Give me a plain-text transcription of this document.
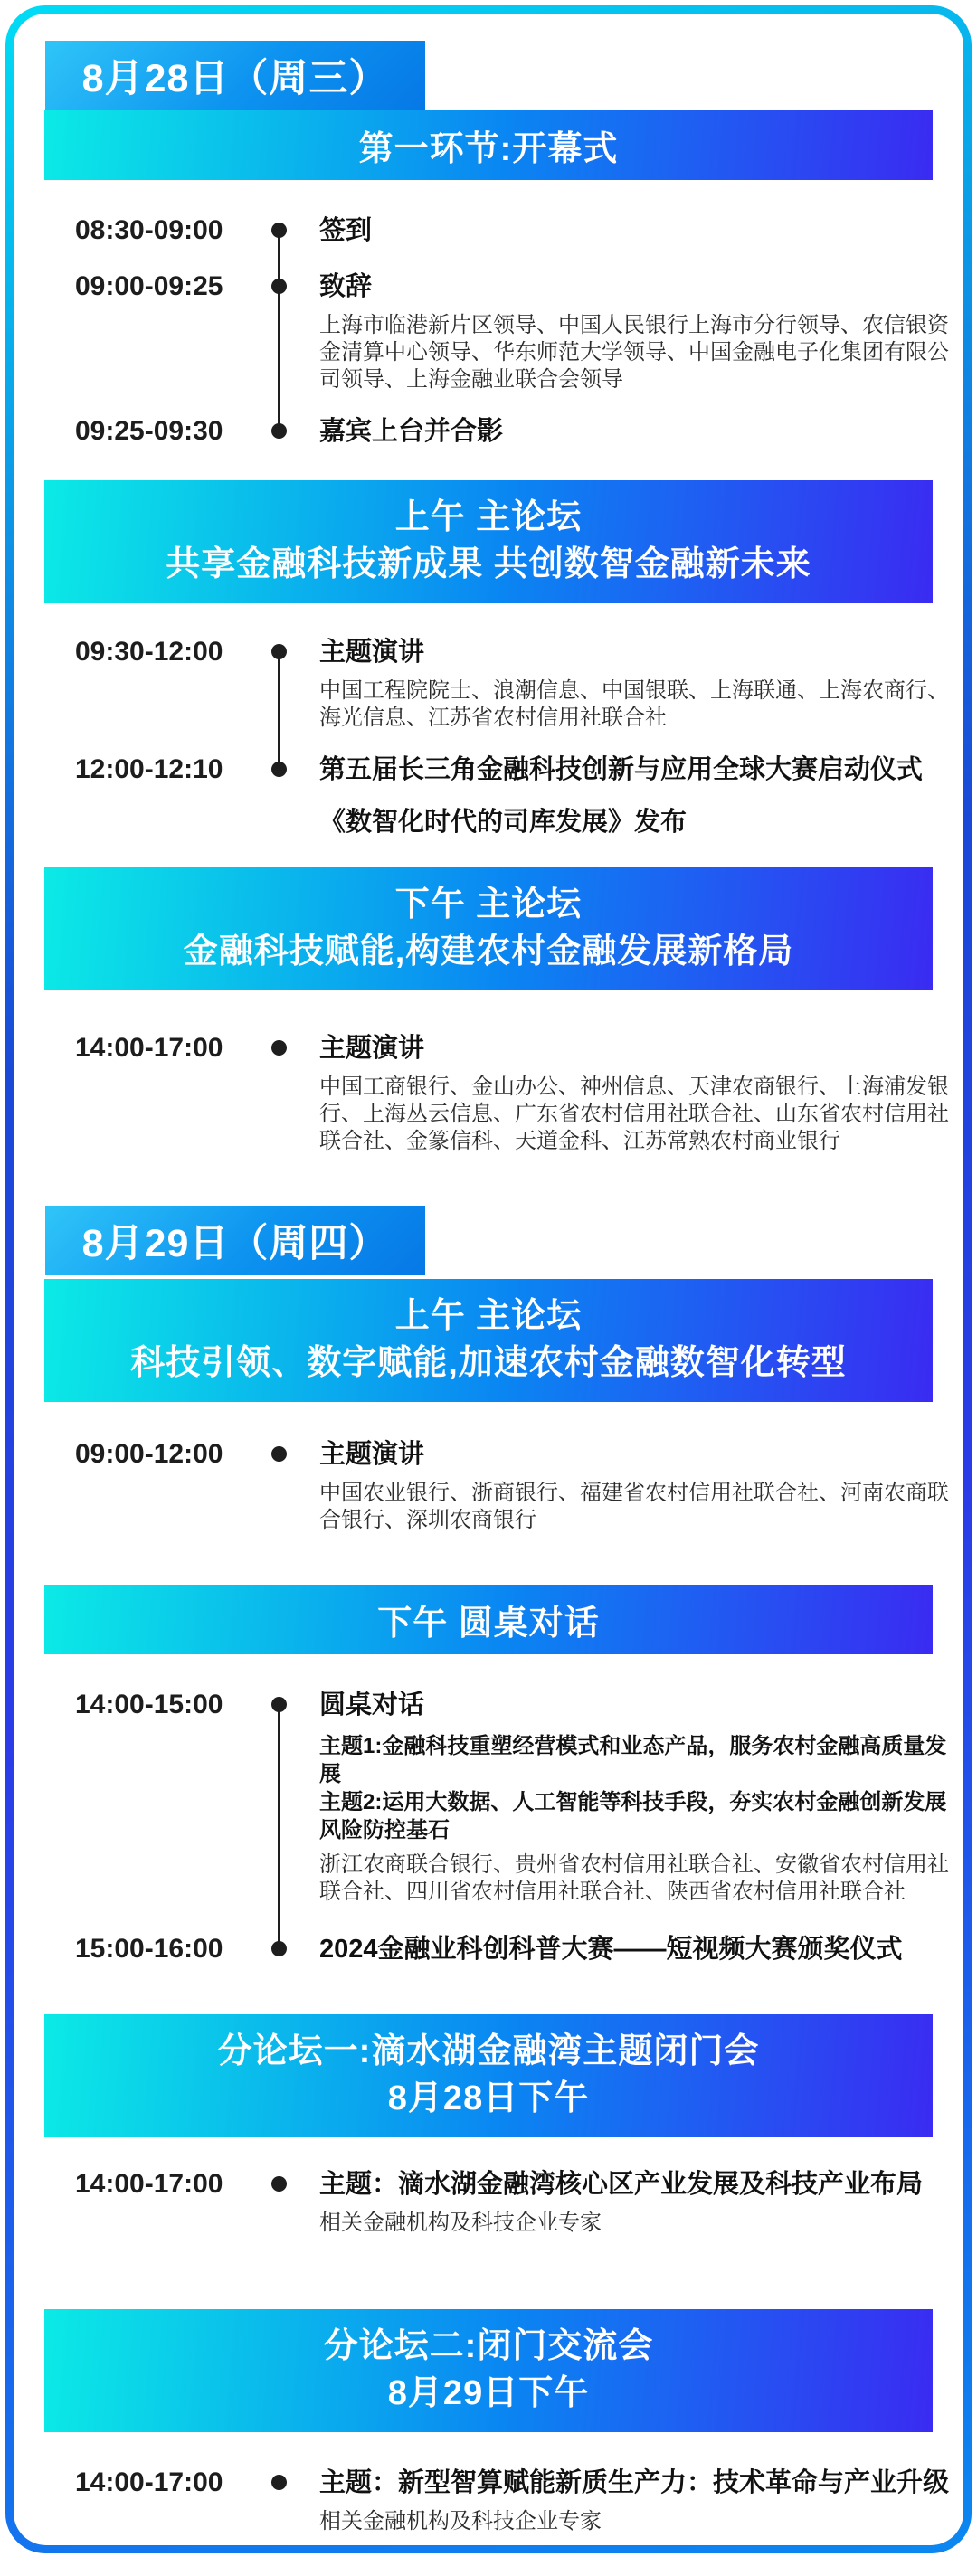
8月28日（周三）
第一环节:开幕式
08:30-09:00	签到
09:00-09:25	致辞
上海市临港新片区领导、中国人民银行上海市分行领导、农信银资金清算中心领导、华东师范大学领导、中国金融电子化集团有限公司领导、上海金融业联合会领导
09:25-09:30	嘉宾上台并合影
上午 主论坛
共享金融科技新成果 共创数智金融新未来
09:30-12:00	主题演讲
中国工程院院士、浪潮信息、中国银联、上海联通、上海农商行、海光信息、江苏省农村信用社联合社
12:00-12:10	第五届长三角金融科技创新与应用全球大赛启动仪式
《数智化时代的司库发展》发布
下午 主论坛
金融科技赋能,构建农村金融发展新格局
14:00-17:00	主题演讲
中国工商银行、金山办公、神州信息、天津农商银行、上海浦发银行、上海丛云信息、广东省农村信用社联合社、山东省农村信用社联合社、金篆信科、天道金科、江苏常熟农村商业银行
8月29日（周四）
上午 主论坛
科技引领、数字赋能,加速农村金融数智化转型
09:00-12:00	主题演讲
中国农业银行、浙商银行、福建省农村信用社联合社、河南农商联合银行、深圳农商银行
下午 圆桌对话
14:00-15:00	圆桌对话
主题1:金融科技重塑经营模式和业态产品，服务农村金融高质量发展
主题2:运用大数据、人工智能等科技手段，夯实农村金融创新发展风险防控基石
浙江农商联合银行、贵州省农村信用社联合社、安徽省农村信用社联合社、四川省农村信用社联合社、陕西省农村信用社联合社
15:00-16:00	2024金融业科创科普大赛——短视频大赛颁奖仪式
分论坛一:滴水湖金融湾主题闭门会
8月28日下午
14:00-17:00	主题：滴水湖金融湾核心区产业发展及科技产业布局
相关金融机构及科技企业专家
分论坛二:闭门交流会
8月29日下午
14:00-17:00	主题：新型智算赋能新质生产力：技术革命与产业升级
相关金融机构及科技企业专家
